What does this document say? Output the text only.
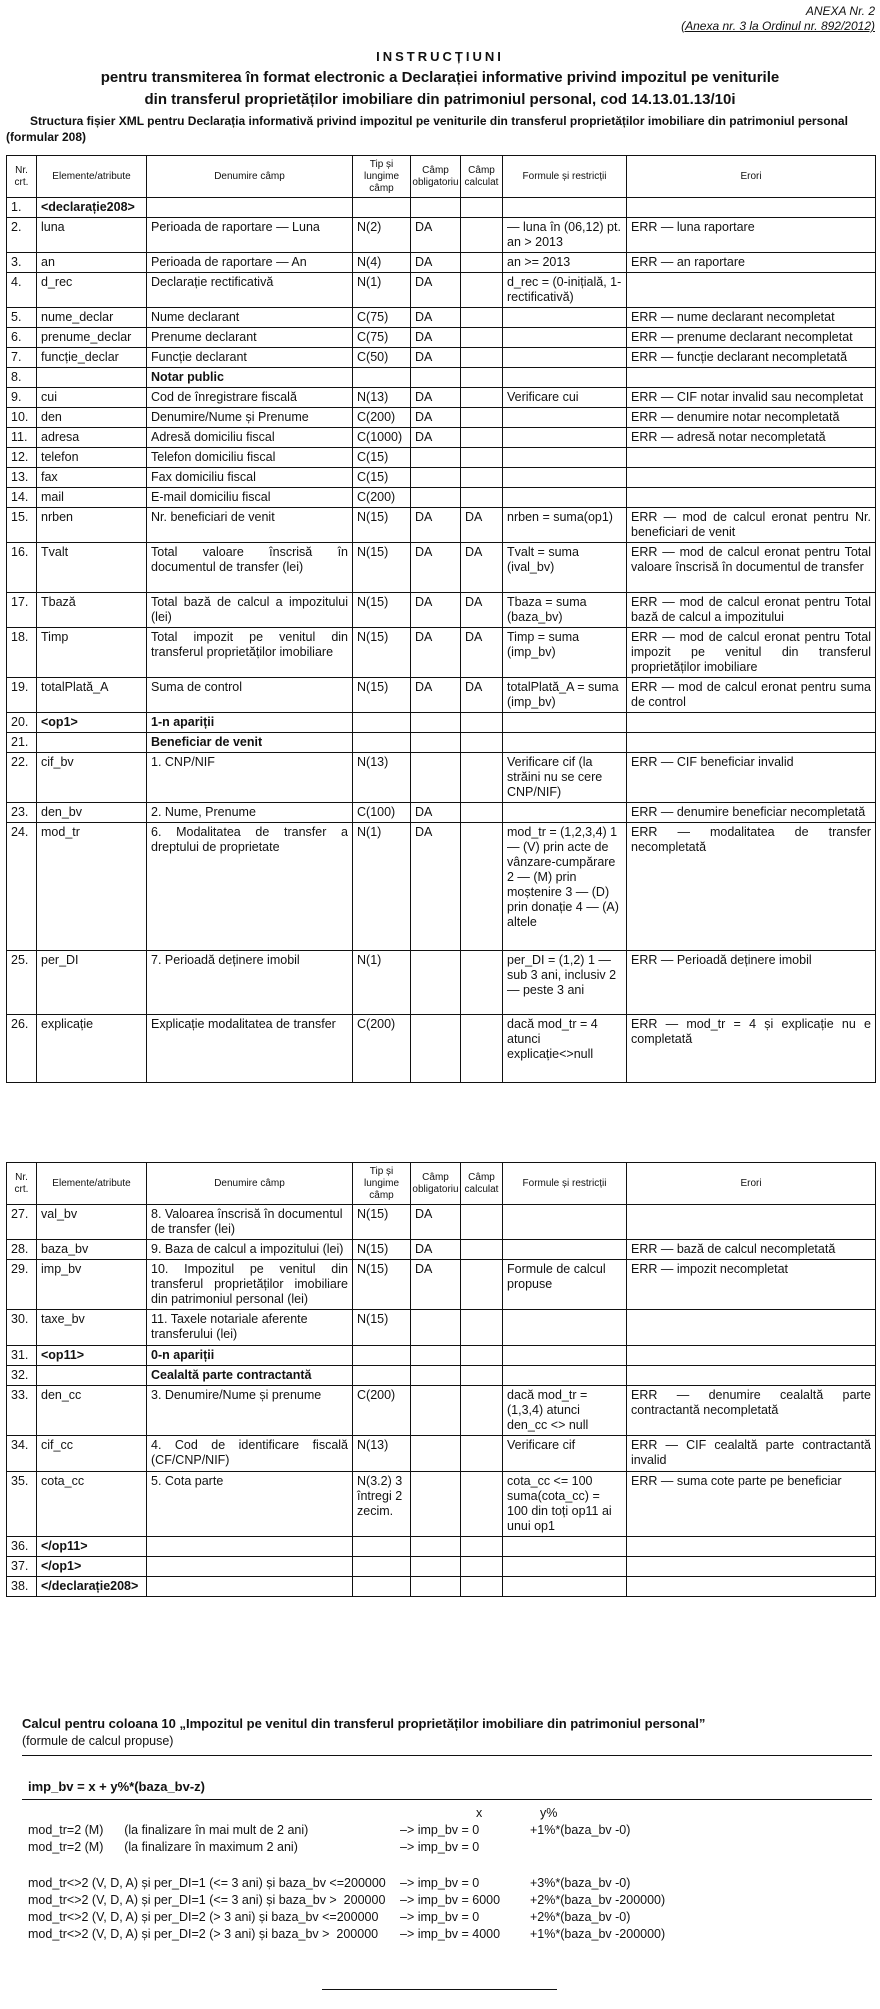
ANEXA Nr. 2
(Anexa nr. 3 la Ordinul nr. 892/2012)
INSTRUCȚIUNI
pentru transmiterea în format electronic a Declarației informative privind impozitul pe veniturile
din transferul proprietăților imobiliare din patrimoniul personal, cod 14.13.01.13/10i
Structura fișier XML pentru Declarația informativă privind impozitul pe veniturile din transferul proprietăților imobiliare din patrimoniul personal (formular 208)
Nr. crt.	Elemente/atribute	Denumire câmp	Tip și lungime câmp	Câmp obligatoriu	Câmp calculat	Formule și restricții	Erori
1.	<declarație208>						
2.	luna	Perioada de raportare — Luna	N(2)	DA		— luna în (06,12) pt. an > 2013	ERR — luna raportare
3.	an	Perioada de raportare — An	N(4)	DA		an >= 2013	ERR — an raportare
4.	d_rec	Declarație rectificativă	N(1)	DA		d_rec = (0-inițială, 1-rectificativă)	
5.	nume_declar	Nume declarant	C(75)	DA			ERR — nume declarant necompletat
6.	prenume_declar	Prenume declarant	C(75)	DA			ERR — prenume declarant necompletat
7.	funcție_declar	Funcție declarant	C(50)	DA			ERR — funcție declarant necompletată
8.		Notar public					
9.	cui	Cod de înregistrare fiscală	N(13)	DA		Verificare cui	ERR — CIF notar invalid sau necompletat
10.	den	Denumire/Nume și Prenume	C(200)	DA			ERR — denumire notar necompletată
11.	adresa	Adresă domiciliu fiscal	C(1000)	DA			ERR — adresă notar necompletată
12.	telefon	Telefon domiciliu fiscal	C(15)				
13.	fax	Fax domiciliu fiscal	C(15)				
14.	mail	E-mail domiciliu fiscal	C(200)				
15.	nrben	Nr. beneficiari de venit	N(15)	DA	DA	nrben = suma(op1)	ERR — mod de calcul eronat pentru Nr. beneficiari de venit
16.	Tvalt	Total valoare înscrisă în documentul de transfer (lei)	N(15)	DA	DA	Tvalt = suma (ival_bv)	ERR — mod de calcul eronat pentru Total valoare înscrisă în documentul de transfer
17.	Tbază	Total bază de calcul a impozitului (lei)	N(15)	DA	DA	Tbaza = suma (baza_bv)	ERR — mod de calcul eronat pentru Total bază de calcul a impozitului
18.	Timp	Total impozit pe venitul din transferul proprietăților imobiliare	N(15)	DA	DA	Timp = suma (imp_bv)	ERR — mod de calcul eronat pentru Total impozit pe venitul din transferul proprietăților imobiliare
19.	totalPlată_A	Suma de control	N(15)	DA	DA	totalPlată_A = suma (imp_bv)	ERR — mod de calcul eronat pentru suma de control
20.	<op1>	1-n apariții					
21.		Beneficiar de venit					
22.	cif_bv	1. CNP/NIF	N(13)			Verificare cif (la străini nu se cere CNP/NIF)	ERR — CIF beneficiar invalid
23.	den_bv	2. Nume, Prenume	C(100)	DA			ERR — denumire beneficiar necompletată
24.	mod_tr	6. Modalitatea de transfer a dreptului de proprietate	N(1)	DA		mod_tr = (1,2,3,4) 1 — (V) prin acte de vânzare-cumpărare 2 — (M) prin moștenire 3 — (D) prin donație 4 — (A) altele	ERR — modalitatea de transfer necompletată
25.	per_DI	7. Perioadă deținere imobil	N(1)			per_DI = (1,2) 1 — sub 3 ani, inclusiv 2 — peste 3 ani	ERR — Perioadă deținere imobil
26.	explicație	Explicație modalitatea de transfer	C(200)			dacă mod_tr = 4 atunci explicație<>null	ERR — mod_tr = 4 și explicație nu e completată
Nr. crt.	Elemente/atribute	Denumire câmp	Tip și lungime câmp	Câmp obligatoriu	Câmp calculat	Formule și restricții	Erori
27.	val_bv	8. Valoarea înscrisă în documentul de transfer (lei)	N(15)	DA			
28.	baza_bv	9. Baza de calcul a impozitului (lei)	N(15)	DA			ERR — bază de calcul necompletată
29.	imp_bv	10. Impozitul pe venitul din transferul proprietăților imobiliare din patrimoniul personal (lei)	N(15)	DA		Formule de calcul propuse	ERR — impozit necompletat
30.	taxe_bv	11. Taxele notariale aferente transferului (lei)	N(15)				
31.	<op11>	0-n apariții					
32.		Cealaltă parte contractantă					
33.	den_cc	3. Denumire/Nume și prenume	C(200)			dacă mod_tr = (1,3,4) atunci den_cc <> null	ERR — denumire cealaltă parte contractantă necompletată
34.	cif_cc	4. Cod de identificare fiscală (CF/CNP/NIF)	N(13)			Verificare cif	ERR — CIF cealaltă parte contractantă invalid
35.	cota_cc	5. Cota parte	N(3.2) 3 întregi 2 zecim.			cota_cc <= 100 suma(cota_cc) = 100 din toți op11 ai unui op1	ERR — suma cote parte pe beneficiar
36.	</op11>						
37.	</op1>						
38.	</declarație208>						
Calcul pentru coloana 10 „Impozitul pe venitul din transferul proprietăților imobiliare din patrimoniul personal”
(formule de calcul propuse)
imp_bv = x + y%*(baza_bv-z)
x	y%
mod_tr=2 (M)      (la finalizare în mai mult de 2 ani)	–> imp_bv = 0	+1%*(baza_bv -0)
mod_tr=2 (M)      (la finalizare în maximum 2 ani)	–> imp_bv = 0
mod_tr<>2 (V, D, A) și per_DI=1 (<= 3 ani) și baza_bv <=200000 –> imp_bv = 0	+3%*(baza_bv -0)
mod_tr<>2 (V, D, A) și per_DI=1 (<= 3 ani) și baza_bv >  200000 –> imp_bv = 6000 +2%*(baza_bv -200000)
mod_tr<>2 (V, D, A) și per_DI=2 (> 3 ani) și baza_bv <=200000 –> imp_bv = 0	+2%*(baza_bv -0)
mod_tr<>2 (V, D, A) și per_DI=2 (> 3 ani) și baza_bv >  200000 –> imp_bv = 4000 +1%*(baza_bv -200000)
